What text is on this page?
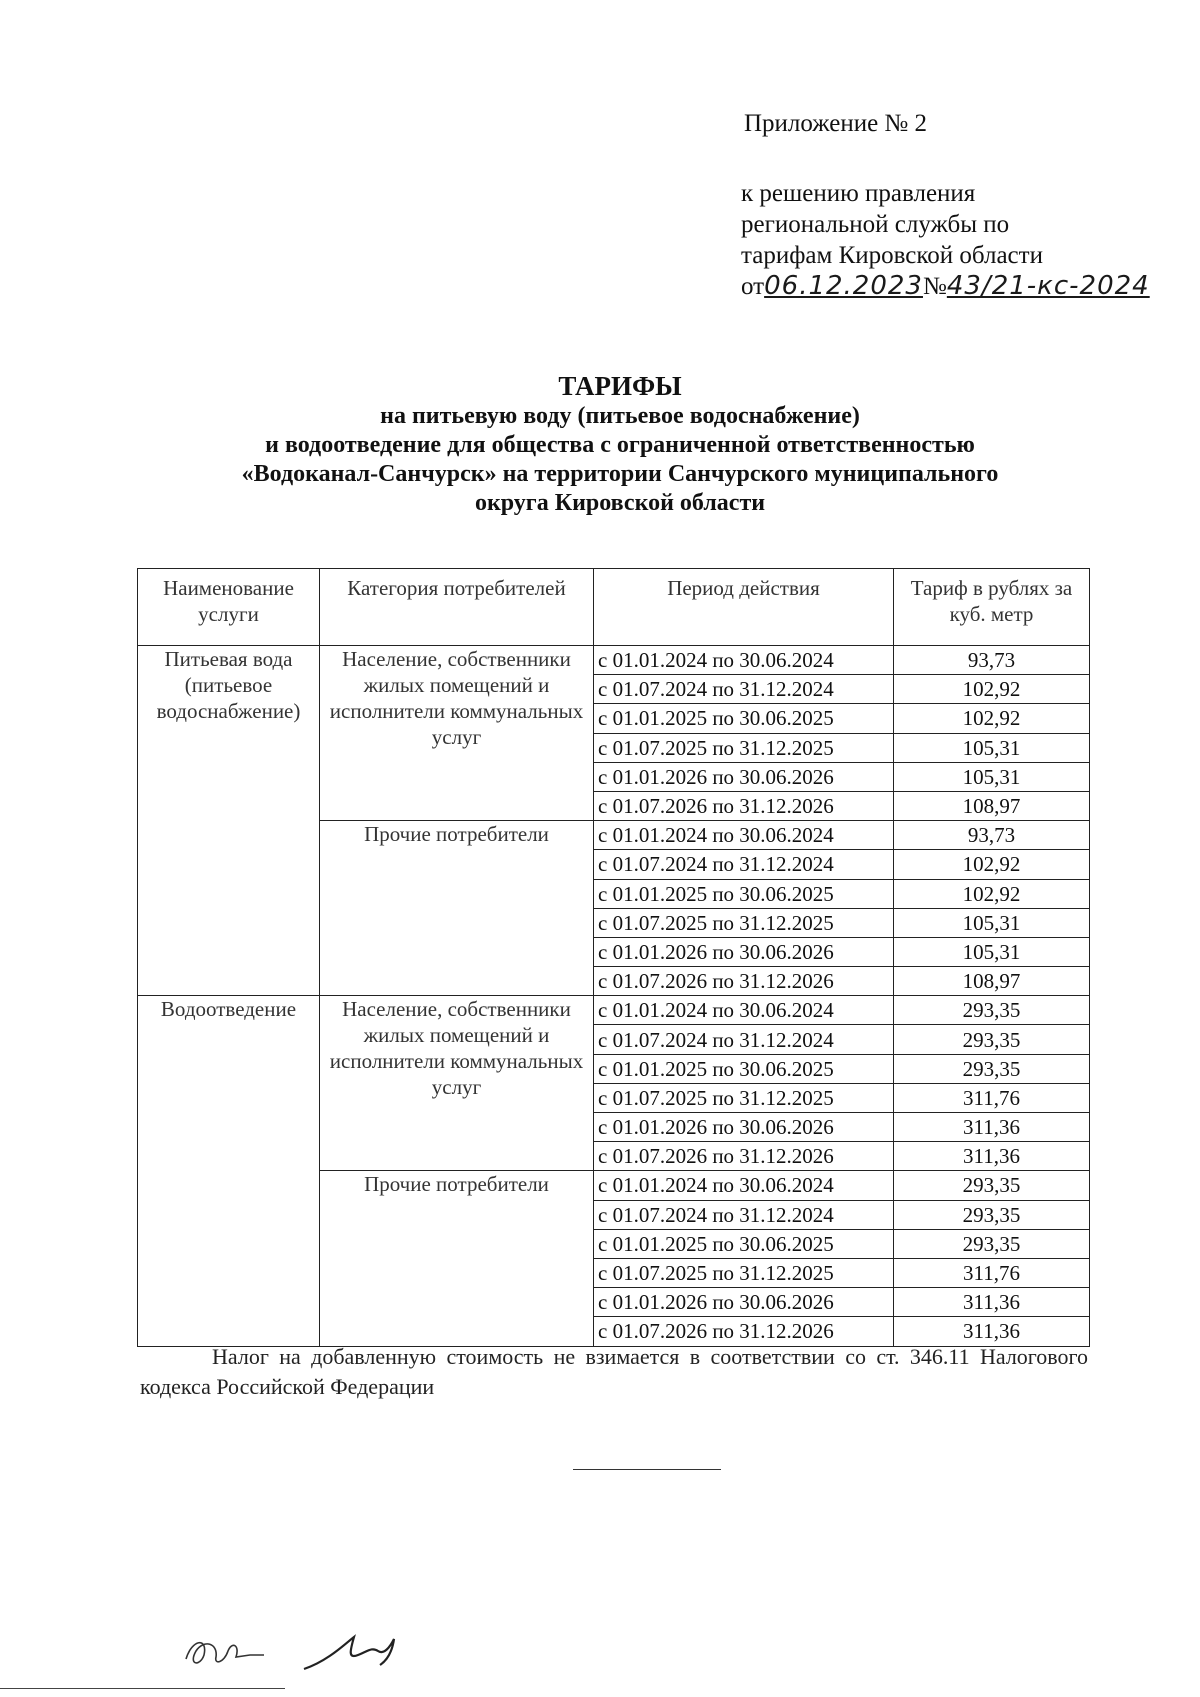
Приложение № 2
к решению правления
региональной службы по
тарифам Кировской области
от06.12.2023№43/21-кс-2024
ТАРИФЫ
на питьевую воду (питьевое водоснабжение)
и водоотведение для общества с ограниченной ответственностью
«Водоканал-Санчурск» на территории Санчурского муниципального
округа Кировской области
Наименование услуги	Категория потребителей	Период действия	Тариф в рублях за куб. метр
Питьевая вода (питьевое водоснабжение)	Население, собственники жилых помещений и исполнители коммунальных услуг	с 01.01.2024 по 30.06.2024	93,73
		с 01.07.2024 по 31.12.2024	102,92
		с 01.01.2025 по 30.06.2025	102,92
		с 01.07.2025 по 31.12.2025	105,31
		с 01.01.2026 по 30.06.2026	105,31
		с 01.07.2026 по 31.12.2026	108,97
	Прочие потребители	с 01.01.2024 по 30.06.2024	93,73
		с 01.07.2024 по 31.12.2024	102,92
		с 01.01.2025 по 30.06.2025	102,92
		с 01.07.2025 по 31.12.2025	105,31
		с 01.01.2026 по 30.06.2026	105,31
		с 01.07.2026 по 31.12.2026	108,97
Водоотведение	Население, собственники жилых помещений и исполнители коммунальных услуг	с 01.01.2024 по 30.06.2024	293,35
		с 01.07.2024 по 31.12.2024	293,35
		с 01.01.2025 по 30.06.2025	293,35
		с 01.07.2025 по 31.12.2025	311,76
		с 01.01.2026 по 30.06.2026	311,36
		с 01.07.2026 по 31.12.2026	311,36
	Прочие потребители	с 01.01.2024 по 30.06.2024	293,35
		с 01.07.2024 по 31.12.2024	293,35
		с 01.01.2025 по 30.06.2025	293,35
		с 01.07.2025 по 31.12.2025	311,76
		с 01.01.2026 по 30.06.2026	311,36
		с 01.07.2026 по 31.12.2026	311,36
Налог на добавленную стоимость не взимается в соответствии со ст. 346.11 Налогового кодекса Российской Федерации
